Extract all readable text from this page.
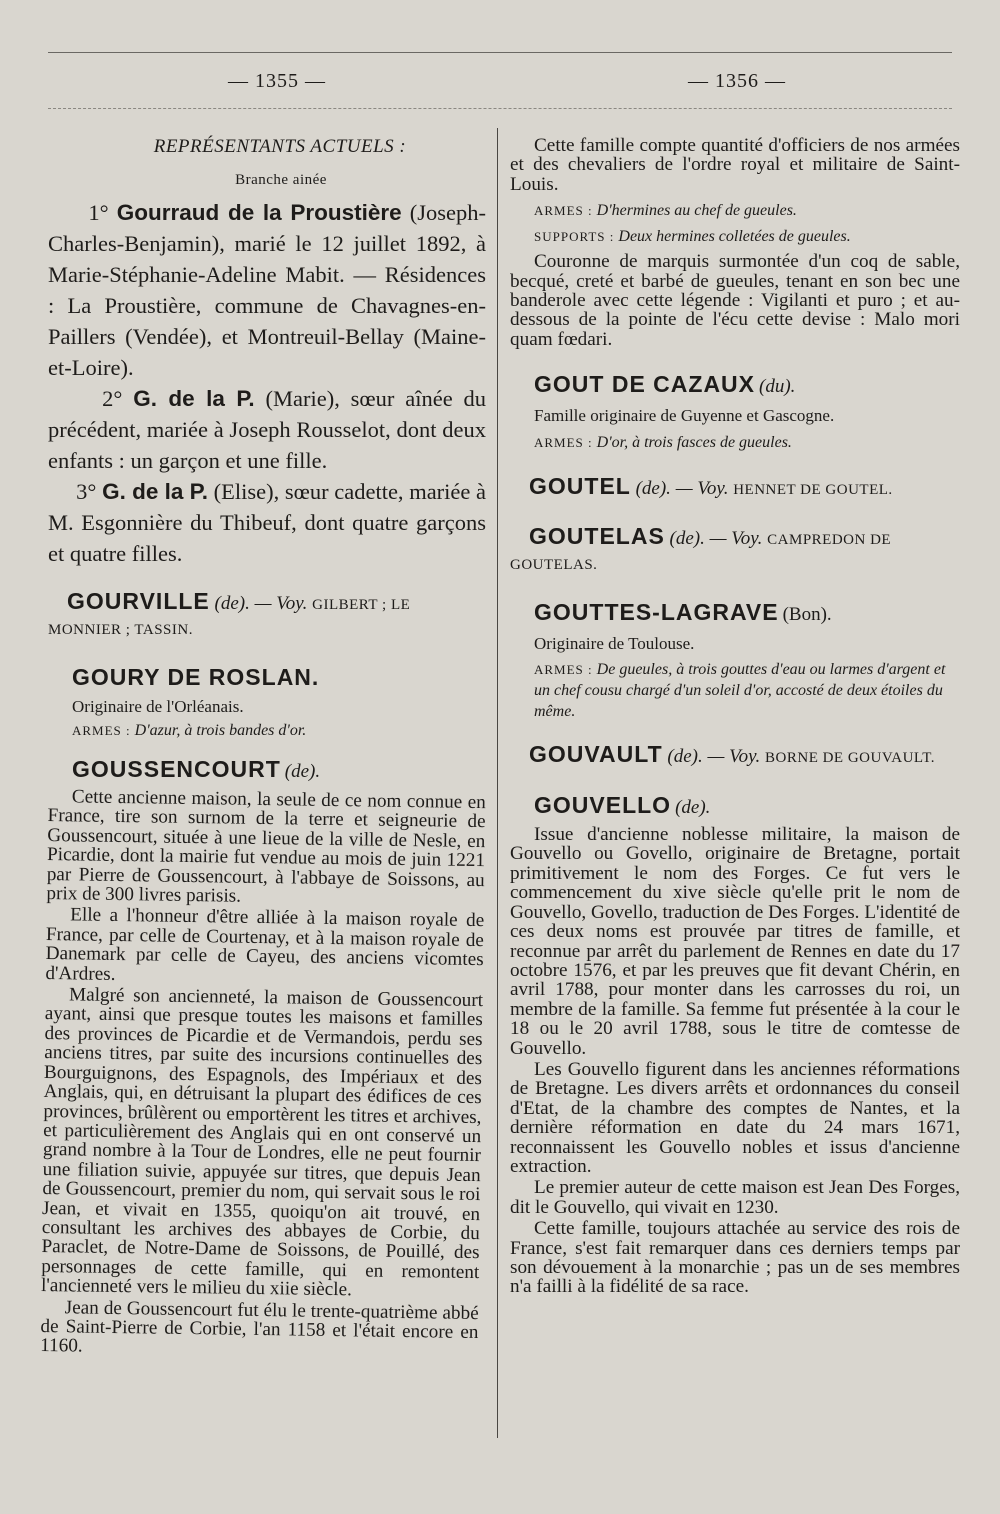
— 1355 —	— 1356 —
REPRÉSENTANTS ACTUELS :
Branche ainée
1° Gourraud de la Proustière (Joseph-Charles-Benjamin), marié le 12 juillet 1892, à Marie-Stéphanie-Adeline Mabit. — Résidences : La Proustière, commune de Chavagnes-en-Paillers (Vendée), et Montreuil-Bellay (Maine-et-Loire).
2° G. de la P. (Marie), sœur aînée du précédent, mariée à Joseph Rousselot, dont deux enfants : un garçon et une fille.
3° G. de la P. (Elise), sœur cadette, mariée à M. Esgonnière du Thibeuf, dont quatre garçons et quatre filles.
GOURVILLE (de). — Voy. GILBERT ; LE MONNIER ; TASSIN.
GOURY DE ROSLAN.
Originaire de l'Orléanais.
ARMES : D'azur, à trois bandes d'or.
GOUSSENCOURT (de).

Cette ancienne maison, la seule de ce nom connue en France, tire son surnom de la terre et seigneurie de Goussencourt, située à une lieue de la ville de Nesle, en Picardie, dont la mairie fut vendue au mois de juin 1221 par Pierre de Goussencourt, à l'abbaye de Soissons, au prix de 300 livres parisis.

Elle a l'honneur d'être alliée à la maison royale de France, par celle de Courtenay, et à la maison royale de Danemark par celle de Cayeu, des anciens vicomtes d'Ardres.

Malgré son ancienneté, la maison de Goussencourt ayant, ainsi que presque toutes les maisons et familles des provinces de Picardie et de Vermandois, perdu ses anciens titres, par suite des incursions continuelles des Bourguignons, des Espagnols, des Impériaux et des Anglais, qui, en détruisant la plupart des édifices de ces provinces, brûlèrent ou emportèrent les titres et archives, et particulièrement des Anglais qui en ont conservé un grand nombre à la Tour de Londres, elle ne peut fournir une filiation suivie, appuyée sur titres, que depuis Jean de Goussencourt, premier du nom, qui servait sous le roi Jean, et vivait en 1355, quoiqu'on ait trouvé, en consultant les archives des abbayes de Corbie, du Paraclet, de Notre-Dame de Soissons, de Pouillé, des personnages de cette famille, qui en remontent l'ancienneté vers le milieu du xiie siècle.

Jean de Goussencourt fut élu le trente-quatrième abbé de Saint-Pierre de Corbie, l'an 1158 et l'était encore en 1160.

Cette famille compte quantité d'officiers de nos armées et des chevaliers de l'ordre royal et militaire de Saint-Louis.

ARMES : D'hermines au chef de gueules.
SUPPORTS : Deux hermines colletées de gueules.

Couronne de marquis surmontée d'un coq de sable, becqué, creté et barbé de gueules, tenant en son bec une banderole avec cette légende : Vigilanti et puro ; et au-dessous de la pointe de l'écu cette devise : Malo mori quam fœdari.

GOUT DE CAZAUX (du).
Famille originaire de Guyenne et Gascogne.
ARMES : D'or, à trois fasces de gueules.
GOUTEL (de). — Voy. HENNET DE GOUTEL.
GOUTELAS (de). — Voy. CAMPREDON DE GOUTELAS.
GOUTTES-LAGRAVE (Bon).
Originaire de Toulouse.
ARMES : De gueules, à trois gouttes d'eau ou larmes d'argent et un chef cousu chargé d'un soleil d'or, accosté de deux étoiles du même.
GOUVAULT (de). — Voy. BORNE DE GOUVAULT.
GOUVELLO (de).

Issue d'ancienne noblesse militaire, la maison de Gouvello ou Govello, originaire de Bretagne, portait primitivement le nom des Forges. Ce fut vers le commencement du xive siècle qu'elle prit le nom de Gouvello, Govello, traduction de Des Forges. L'identité de ces deux noms est prouvée par titres de famille, et reconnue par arrêt du parlement de Rennes en date du 17 octobre 1576, et par les preuves que fit devant Chérin, en avril 1788, pour monter dans les carrosses du roi, un membre de la famille. Sa femme fut présentée à la cour le 18 ou le 20 avril 1788, sous le titre de comtesse de Gouvello.

Les Gouvello figurent dans les anciennes réformations de Bretagne. Les divers arrêts et ordonnances du conseil d'Etat, de la chambre des comptes de Nantes, et la dernière réformation en date du 24 mars 1671, reconnaissent les Gouvello nobles et issus d'ancienne extraction.

Le premier auteur de cette maison est Jean Des Forges, dit le Gouvello, qui vivait en 1230.

Cette famille, toujours attachée au service des rois de France, s'est fait remarquer dans ces derniers temps par son dévouement à la monarchie ; pas un de ses membres n'a failli à la fidélité de sa race.
